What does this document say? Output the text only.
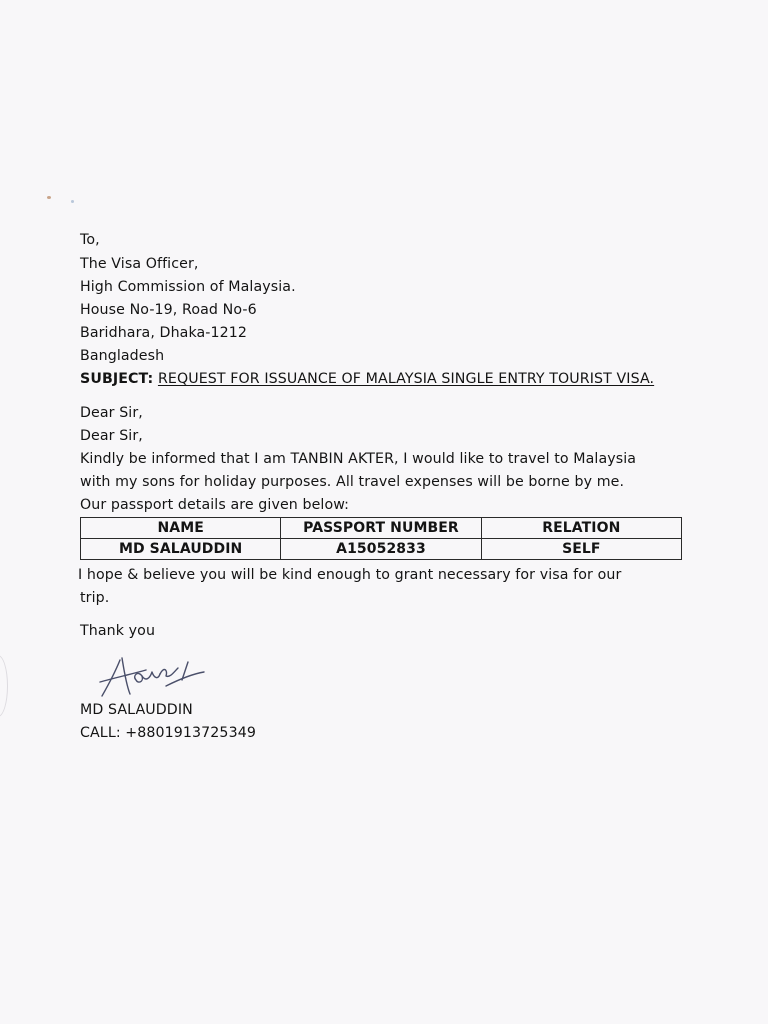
To,
The Visa Officer,
High Commission of Malaysia.
House No-19, Road No-6
Baridhara, Dhaka-1212
Bangladesh
SUBJECT: REQUEST FOR ISSUANCE OF MALAYSIA SINGLE ENTRY TOURIST VISA.
Dear Sir,
Dear Sir,
Kindly be informed that I am TANBIN AKTER, I would like to travel to Malaysia
with my sons for holiday purposes. All travel expenses will be borne by me.
Our passport details are given below:
NAME	PASSPORT NUMBER	RELATION
MD SALAUDDIN	A15052833	SELF
I hope & believe you will be kind enough to grant necessary for visa for our
trip.
Thank you
MD SALAUDDIN
CALL: +8801913725349
